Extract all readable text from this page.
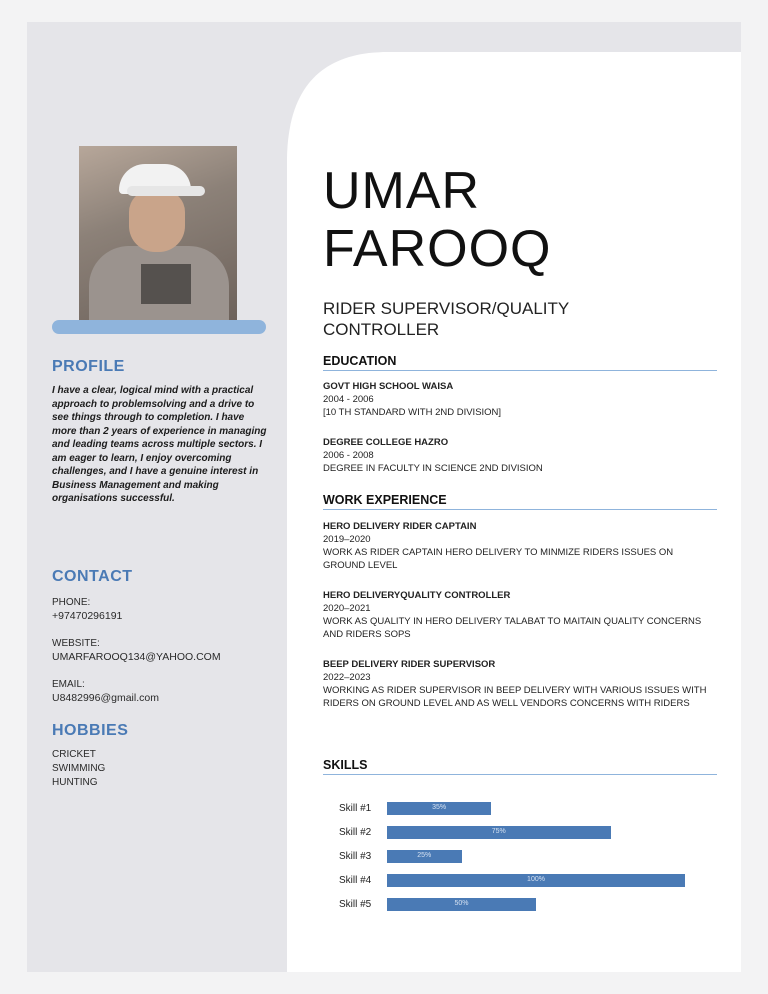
PROFILE
I have a clear, logical mind with a practical approach to problemsolving and a drive to see things through to completion. I have more than 2 years of experience in managing and leading teams across multiple sectors. I am eager to learn, I enjoy overcoming challenges, and I have a genuine interest in Business Management and making organisations successful.
CONTACT
PHONE:
+97470296191
WEBSITE:
UMARFAROOQ134@YAHOO.COM
EMAIL:
U8482996@gmail.com
HOBBIES
CRICKET
SWIMMING
HUNTING
UMAR
FAROOQ
RIDER SUPERVISOR/QUALITY CONTROLLER
EDUCATION
GOVT HIGH SCHOOL WAISA
2004 - 2006
[10 TH STANDARD WITH 2ND DIVISION]
DEGREE COLLEGE HAZRO
2006 - 2008
DEGREE IN FACULTY IN SCIENCE 2ND DIVISION
WORK EXPERIENCE
HERO DELIVERY RIDER CAPTAIN
2019–2020
WORK AS RIDER CAPTAIN HERO DELIVERY TO MINMIZE RIDERS ISSUES ON GROUND LEVEL
HERO DELIVERYQUALITY CONTROLLER
2020–2021
WORK AS QUALITY IN HERO DELIVERY TALABAT TO MAITAIN QUALITY CONCERNS AND RIDERS SOPS
BEEP DELIVERY RIDER SUPERVISOR
2022–2023
WORKING AS RIDER SUPERVISOR IN BEEP DELIVERY WITH VARIOUS ISSUES WITH RIDERS ON GROUND LEVEL AND AS WELL VENDORS CONCERNS WITH RIDERS
SKILLS
Skill #1	35%
Skill #2	75%
Skill #3	25%
Skill #4	100%
Skill #5	50%
